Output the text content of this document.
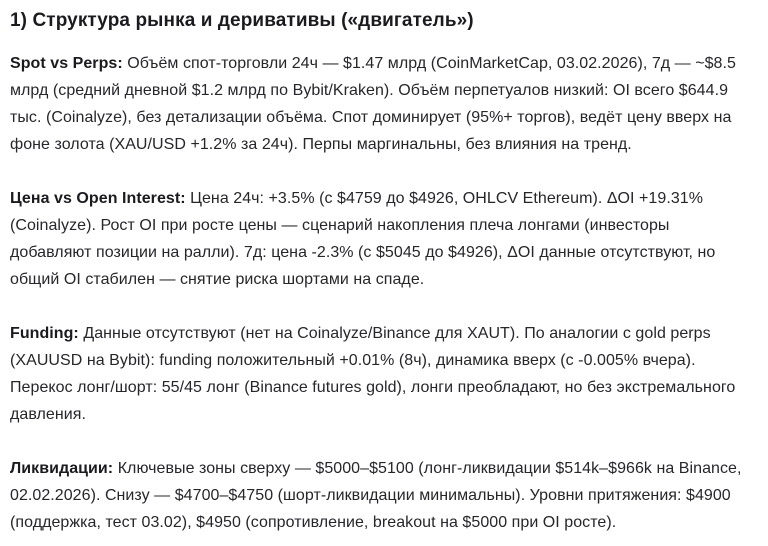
1) Структура рынка и деривативы («двигатель»)

Spot vs Perps: Объём спот-торговли 24ч — $1.47 млрд (CoinMarketCap, 03.02.2026), 7д — ~$8.5 млрд (средний дневной $1.2 млрд по Bybit/Kraken). Объём перпетуалов низкий: OI всего $644.9 тыс. (Coinalyze), без детализации объёма. Спот доминирует (95%+ торгов), ведёт цену вверх на фоне золота (XAU/USD +1.2% за 24ч). Перпы маргинальны, без влияния на тренд.

Цена vs Open Interest: Цена 24ч: +3.5% (с $4759 до $4926, OHLCV Ethereum). ΔOI +19.31% (Coinalyze). Рост OI при росте цены — сценарий накопления плеча лонгами (инвесторы добавляют позиции на ралли). 7д: цена -2.3% (с $5045 до $4926), ΔOI данные отсутствуют, но общий OI стабилен — снятие риска шортами на спаде.

Funding: Данные отсутствуют (нет на Coinalyze/Binance для XAUT). По аналогии с gold perps (XAUUSD на Bybit): funding положительный +0.01% (8ч), динамика вверх (с -0.005% вчера). Перекос лонг/шорт: 55/45 лонг (Binance futures gold), лонги преобладают, но без экстремального давления.

Ликвидации: Ключевые зоны сверху — $5000–$5100 (лонг-ликвидации $514k–$966k на Binance, 02.02.2026). Снизу — $4700–$4750 (шорт-ликвидации минимальны). Уровни притяжения: $4900 (поддержка, тест 03.02), $4950 (сопротивление, breakout на $5000 при OI росте).
